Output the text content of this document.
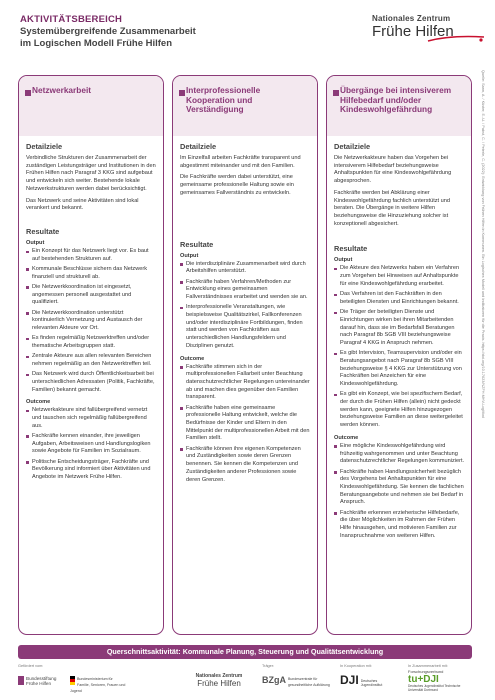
AKTIVITÄTSBEREICH
Systemübergreifende Zusammenarbeit
im Logischen Modell Frühe Hilfen
Nationales Zentrum
Frühe Hilfen
Quelle: Sann, A. / Küster, E.-U. / Pabst, C. / Peterle, C. (2022): Entwicklung von Frühen Hilfen in Kommunen. Ein Logisches Modell und Indikatoren für die Praxis. https://doi.org/10.17623/NZFH:MHV-LogMod
Netzwerkarbeit
Detailziele

Verbindliche Strukturen der Zusammenarbeit der zuständigen Leistungsträger und Institutionen in den Frühen Hilfen nach Paragraf 3 KKG sind aufgebaut und entwickeln sich weiter. Bestehende lokale Netzwerkstrukturen werden dabei berücksichtigt.

Das Netzwerk und seine Aktivitäten sind lokal verankert und bekannt.

Resultate
Output
Ein Konzept für das Netzwerk liegt vor. Es baut auf bestehenden Strukturen auf.
Kommunale Beschlüsse sichern das Netzwerk finanziell und strukturell ab.
Die Netzwerkkoordination ist eingesetzt, angemessen personell ausgestattet und qualifiziert.
Die Netzwerkkoordination unterstützt kontinuierlich Vernetzung und Austausch der relevanten Akteure vor Ort.
Es finden regelmäßig Netzwerktreffen und/oder thematische Arbeitsgruppen statt.
Zentrale Akteure aus allen relevanten Bereichen nehmen regelmäßig an den Netzwerktreffen teil.
Das Netzwerk wird durch Öffentlichkeitsarbeit bei unterschiedlichen Adressaten (Politik, Fachkräfte, Familien) bekannt gemacht.
Outcome
Netzwerkakteure sind fallübergreifend vernetzt und tauschen sich regelmäßig fallübergreifend aus.
Fachkräfte kennen einander, ihre jeweiligen Aufgaben, Arbeitsweisen und Handlungslogiken sowie Angebote für Familien im Sozialraum.
Politische Entscheidungsträger, Fachkräfte und Bevölkerung sind informiert über Aktivitäten und Angebote im Netzwerk Frühe Hilfen.
Interprofessionelle Kooperation und Verständigung
Detailziele

Im Einzelfall arbeiten Fachkräfte transparent und abgestimmt miteinander und mit den Familien.

Die Fachkräfte werden dabei unterstützt, eine gemeinsame professionelle Haltung sowie ein gemeinsames Fallverständnis zu entwickeln.

Resultate
Output
Die interdisziplinäre Zusammenarbeit wird durch Arbeitshilfen unterstützt.
Fachkräfte haben Verfahren/Methoden zur Entwicklung eines gemeinsamen Fallverständnisses erarbeitet und wenden sie an.
Interprofessionelle Veranstaltungen, wie beispielsweise Qualitätszirkel, Fallkonferenzen und/oder interdisziplinäre Fortbildungen, finden statt und werden von Fachkräften aus unterschiedlichen Handlungsfeldern und Disziplinen genutzt.
Outcome
Fachkräfte stimmen sich in der multiprofessionellen Fallarbeit unter Beachtung datenschutzrechtlicher Regelungen untereinander ab und machen dies gegenüber den Familien transparent.
Fachkräfte haben eine gemeinsame professionelle Haltung entwickelt, welche die Bedürfnisse der Kinder und Eltern in den Mittelpunkt der multiprofessionellen Arbeit mit den Familien stellt.
Fachkräfte können ihre eigenen Kompetenzen und Zuständigkeiten sowie deren Grenzen benennen. Sie kennen die Kompetenzen und Zuständigkeiten anderer Professionen sowie deren Grenzen.
Übergänge bei intensiverem Hilfebedarf und/oder Kindeswohlgefährdung
Detailziele

Die Netzwerkakteure haben das Vorgehen bei intensiverem Hilfebedarf beziehungsweise Anhaltspunkten für eine Kindeswohlgefährdung abgesprochen.

Fachkräfte werden bei Abklärung einer Kindeswohlgefährdung fachlich unterstützt und beraten. Die Übergänge in weitere Hilfen beziehungsweise die Hinzuziehung solcher ist konzeptionell abgesichert.

Resultate
Output
Die Akteure des Netzwerks haben ein Verfahren zum Vorgehen bei Hinweisen auf Anhaltspunkte für eine Kindeswohlgefährdung erarbeitet.
Das Verfahren ist den Fachkräften in den beteiligten Diensten und Einrichtungen bekannt.
Die Träger der beteiligten Dienste und Einrichtungen wirken bei ihren Mitarbeitenden darauf hin, dass sie im Bedarfsfall Beratungen nach Paragraf 8b SGB VIII beziehungsweise Paragraf 4 KKG in Anspruch nehmen.
Es gibt Intervision, Teamsupervision und/oder ein Beratungsangebot nach Paragraf 8b SGB VIII beziehungsweise § 4 KKG zur Unterstützung von Fachkräften bei Anzeichen für eine Kindeswohlgefährdung.
Es gibt ein Konzept, wie bei spezifischem Bedarf, der durch die Frühen Hilfen (allein) nicht gedeckt werden kann, geeignete Hilfen hinzugezogen beziehungsweise Familien an diese weitergeleitet werden können.
Outcome
Eine mögliche Kindeswohlgefährdung wird frühzeitig wahrgenommen und unter Beachtung datenschutzrechtlicher Regelungen kommuniziert.
Fachkräfte haben Handlungssicherheit bezüglich des Vorgehens bei Anhaltspunkten für eine Kindeswohlgefährdung. Sie kennen die fachlichen Beratungsangebote und nehmen sie bei Bedarf in Anspruch.
Fachkräfte erkennen erzieherische Hilfebedarfe, die über Möglichkeiten im Rahmen der Frühen Hilfe hinausgehen, und motivieren Familien zur Inanspruchnahme von weiteren Hilfen.
Querschnittsaktivität: Kommunale Planung, Steuerung und Qualitätsentwicklung
Gefördert vom:
Bundesstiftung Frühe Hilfen
Bundesministerium für Familie, Senioren, Frauen und Jugend
Nationales Zentrum
Frühe Hilfen
Träger:
BZgA Bundeszentrale für gesundheitliche Aufklärung
In Kooperation mit:
DJI Deutsches Jugendinstitut
In Zusammenarbeit mit:
Forschungsverbund
tu+DJI
Deutsches Jugendinstitut Technische Universität Dortmund
